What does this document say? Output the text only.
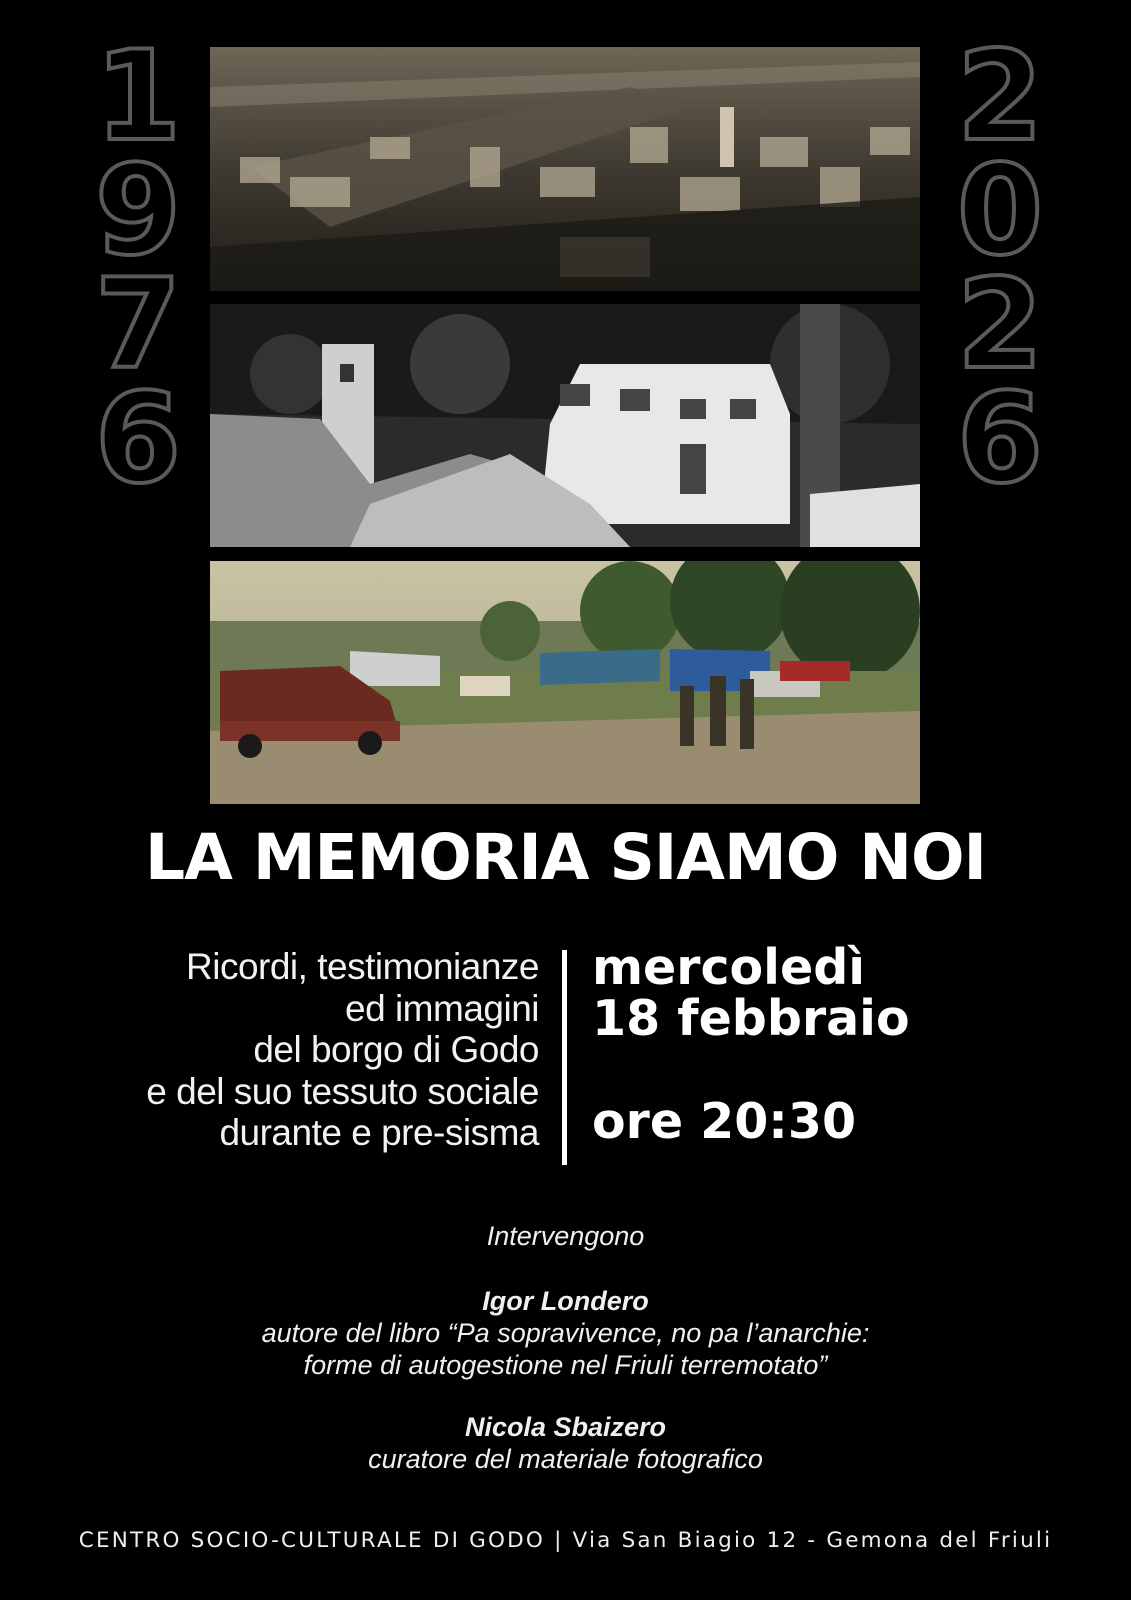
1
9
7
6
2
0
2
6
LA MEMORIA SIAMO NOI
Ricordi, testimonianze
ed immagini
del borgo di Godo
e del suo tessuto sociale
durante e pre-sisma
mercoledì
18 febbraio
ore 20:30
Intervengono
Igor Londero
autore del libro “Pa sopravivence, no pa l’anarchie:
forme di autogestione nel Friuli terremotato”
Nicola Sbaizero
curatore del materiale fotografico
CENTRO SOCIO-CULTURALE DI GODO | Via San Biagio 12 - Gemona del Friuli
